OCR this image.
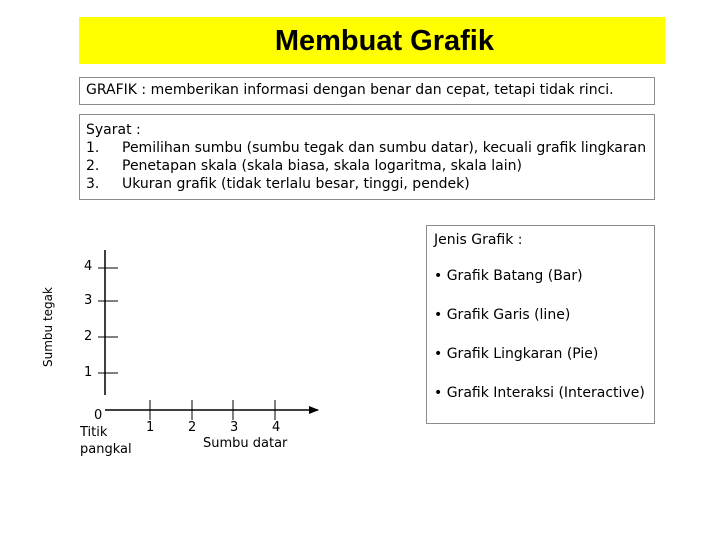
Membuat Grafik
GRAFIK : memberikan informasi dengan benar dan cepat, tetapi tidak rinci.
Syarat :
1. Pemilihan sumbu (sumbu tegak dan sumbu datar), kecuali grafik lingkaran
2. Penetapan skala (skala biasa, skala logaritma, skala lain)
3. Ukuran grafik (tidak terlalu besar, tinggi, pendek)
Jenis Grafik :
• Grafik Batang (Bar)
• Grafik Garis (line)
• Grafik Lingkaran (Pie)
• Grafik Interaksi (Interactive)
Sumbu tegak
4
3
2
1
0
Titik
pangkal
1	2	3	4
Sumbu datar
